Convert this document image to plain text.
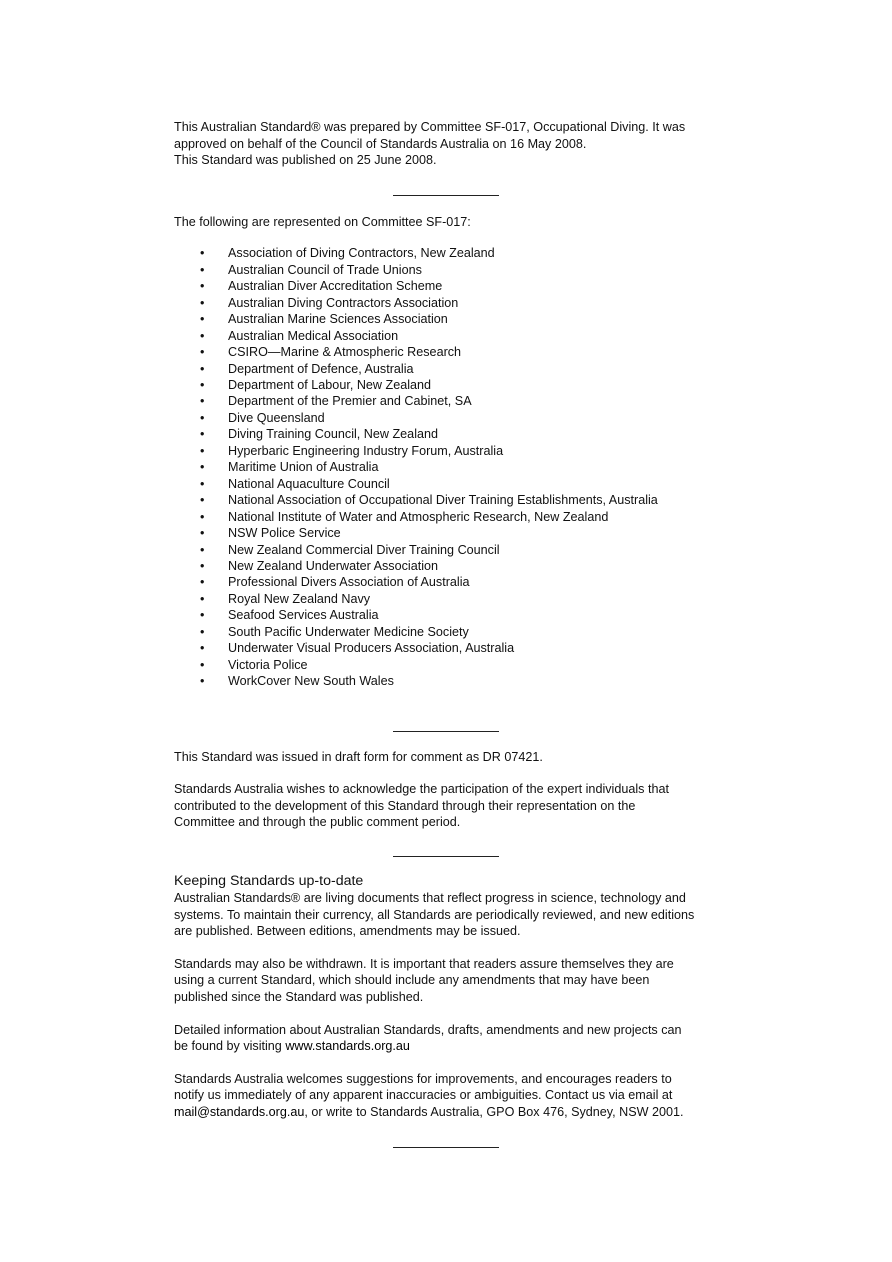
This Australian Standard® was prepared by Committee SF-017, Occupational Diving. It was
approved on behalf of the Council of Standards Australia on 16 May 2008.
This Standard was published on 25 June 2008.

The following are represented on Committee SF-017:

• Association of Diving Contractors, New Zealand
• Australian Council of Trade Unions
• Australian Diver Accreditation Scheme
• Australian Diving Contractors Association
• Australian Marine Sciences Association
• Australian Medical Association
• CSIRO—Marine & Atmospheric Research
• Department of Defence, Australia
• Department of Labour, New Zealand
• Department of the Premier and Cabinet, SA
• Dive Queensland
• Diving Training Council, New Zealand
• Hyperbaric Engineering Industry Forum, Australia
• Maritime Union of Australia
• National Aquaculture Council
• National Association of Occupational Diver Training Establishments, Australia
• National Institute of Water and Atmospheric Research, New Zealand
• NSW Police Service
• New Zealand Commercial Diver Training Council
• New Zealand Underwater Association
• Professional Divers Association of Australia
• Royal New Zealand Navy
• Seafood Services Australia
• South Pacific Underwater Medicine Society
• Underwater Visual Producers Association, Australia
• Victoria Police
• WorkCover New South Wales

This Standard was issued in draft form for comment as DR 07421.

Standards Australia wishes to acknowledge the participation of the expert individuals that
contributed to the development of this Standard through their representation on the
Committee and through the public comment period.

Keeping Standards up-to-date

Australian Standards® are living documents that reflect progress in science, technology and
systems. To maintain their currency, all Standards are periodically reviewed, and new editions
are published. Between editions, amendments may be issued.

Standards may also be withdrawn. It is important that readers assure themselves they are
using a current Standard, which should include any amendments that may have been
published since the Standard was published.

Detailed information about Australian Standards, drafts, amendments and new projects can
be found by visiting www.standards.org.au

Standards Australia welcomes suggestions for improvements, and encourages readers to
notify us immediately of any apparent inaccuracies or ambiguities. Contact us via email at
mail@standards.org.au, or write to Standards Australia, GPO Box 476, Sydney, NSW 2001.
